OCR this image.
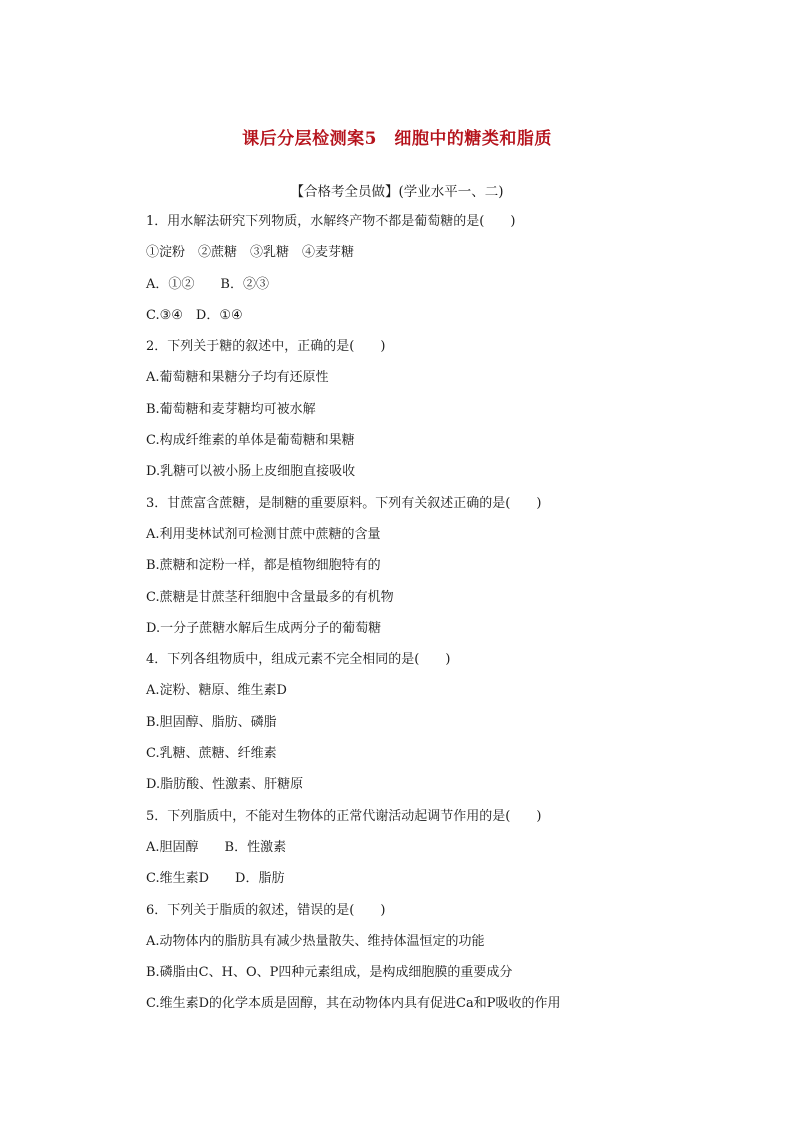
课后分层检测案5　细胞中的糖类和脂质
【合格考全员做】(学业水平一、二)
1．用水解法研究下列物质，水解终产物不都是葡萄糖的是(　　)
①淀粉　②蔗糖　③乳糖　④麦芽糖
A．①②　　B．②③
C.③④　D．①④
2．下列关于糖的叙述中，正确的是(　　)
A.葡萄糖和果糖分子均有还原性
B.葡萄糖和麦芽糖均可被水解
C.构成纤维素的单体是葡萄糖和果糖
D.乳糖可以被小肠上皮细胞直接吸收
3．甘蔗富含蔗糖，是制糖的重要原料。下列有关叙述正确的是(　　)
A.利用斐林试剂可检测甘蔗中蔗糖的含量
B.蔗糖和淀粉一样，都是植物细胞特有的
C.蔗糖是甘蔗茎秆细胞中含量最多的有机物
D.一分子蔗糖水解后生成两分子的葡萄糖
4．下列各组物质中，组成元素不完全相同的是(　　)
A.淀粉、糖原、维生素D
B.胆固醇、脂肪、磷脂
C.乳糖、蔗糖、纤维素
D.脂肪酸、性激素、肝糖原
5．下列脂质中，不能对生物体的正常代谢活动起调节作用的是(　　)
A.胆固醇　　B．性激素
C.维生素D　　D．脂肪
6．下列关于脂质的叙述，错误的是(　　)
A.动物体内的脂肪具有减少热量散失、维持体温恒定的功能
B.磷脂由C、H、O、P四种元素组成，是构成细胞膜的重要成分
C.维生素D的化学本质是固醇，其在动物体内具有促进Ca和P吸收的作用
